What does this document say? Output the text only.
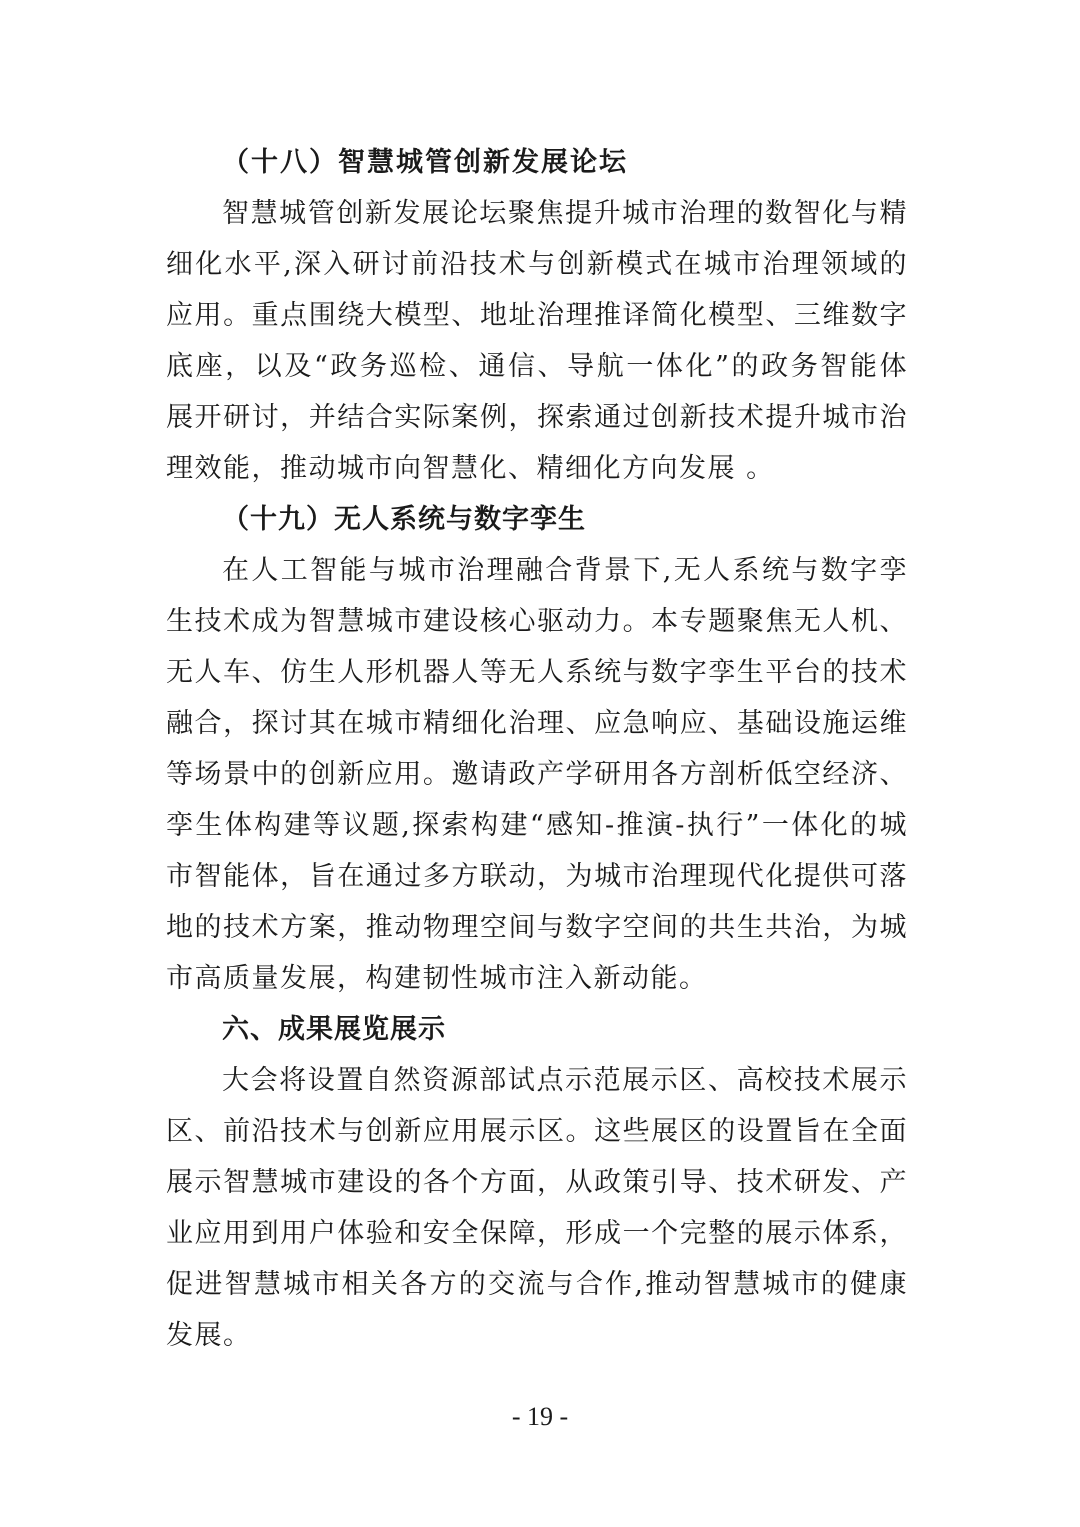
（十八）智慧城管创新发展论坛

智慧城管创新发展论坛聚焦提升城市治理的数智化与精细化水平,深入研讨前沿技术与创新模式在城市治理领域的应用。重点围绕大模型、地址治理推译简化模型、三维数字底座，以及“政务巡检、通信、导航一体化”的政务智能体展开研讨，并结合实际案例，探索通过创新技术提升城市治理效能，推动城市向智慧化、精细化方向发展 。

（十九）无人系统与数字孪生

在人工智能与城市治理融合背景下,无人系统与数字孪生技术成为智慧城市建设核心驱动力。本专题聚焦无人机、无人车、仿生人形机器人等无人系统与数字孪生平台的技术融合，探讨其在城市精细化治理、应急响应、基础设施运维等场景中的创新应用。邀请政产学研用各方剖析低空经济、孪生体构建等议题,探索构建“感知-推演-执行”一体化的城市智能体，旨在通过多方联动，为城市治理现代化提供可落地的技术方案，推动物理空间与数字空间的共生共治，为城市高质量发展，构建韧性城市注入新动能。

六、成果展览展示

大会将设置自然资源部试点示范展示区、高校技术展示区、前沿技术与创新应用展示区。这些展区的设置旨在全面展示智慧城市建设的各个方面，从政策引导、技术研发、产业应用到用户体验和安全保障，形成一个完整的展示体系，促进智慧城市相关各方的交流与合作,推动智慧城市的健康发展。

- 19 -
